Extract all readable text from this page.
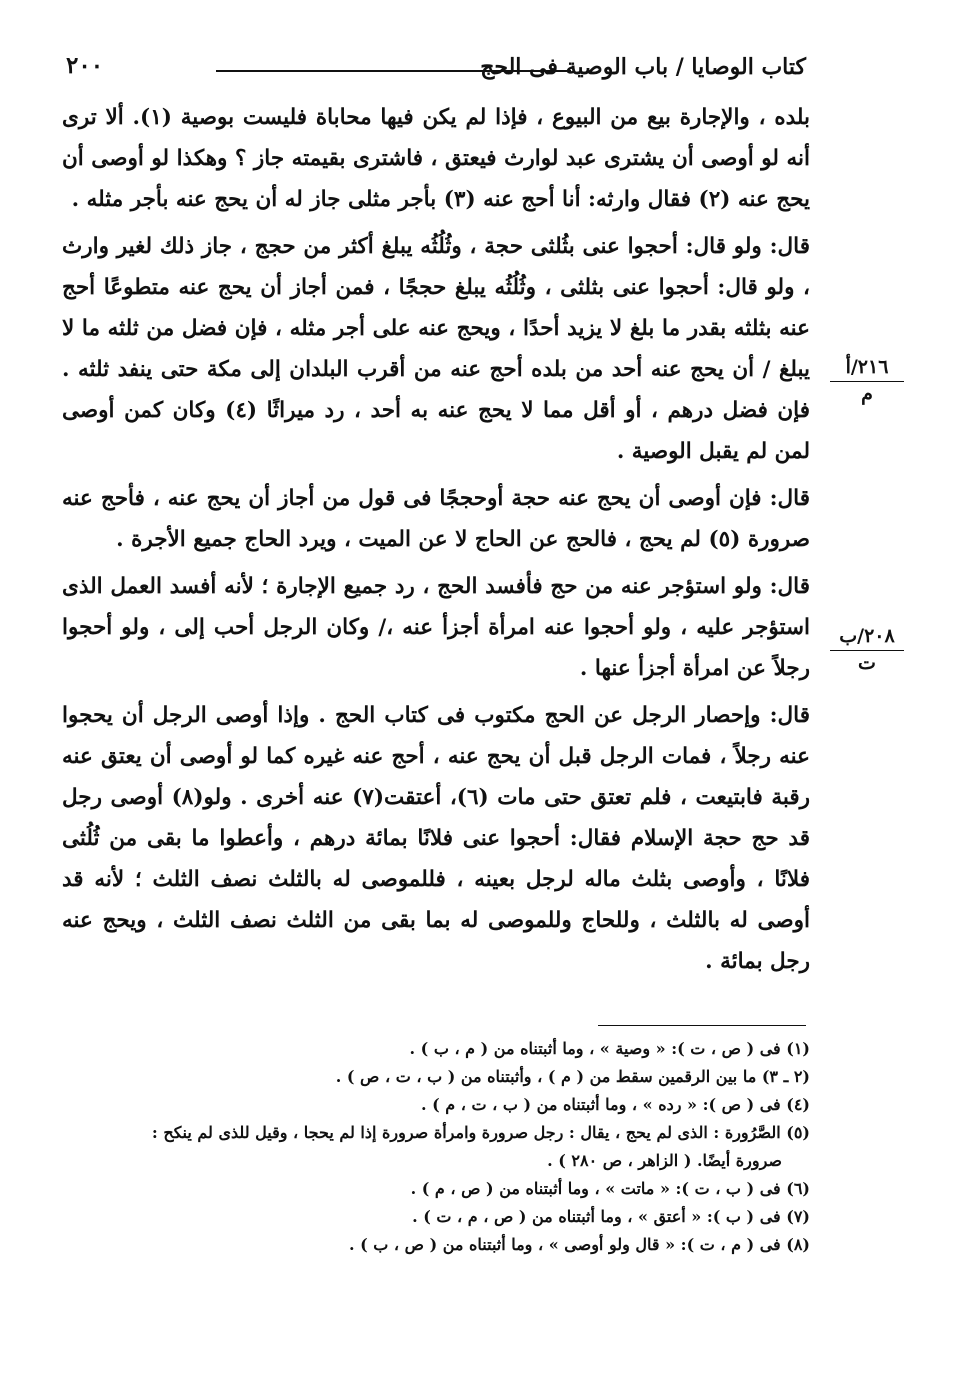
كتاب الوصايا / باب الوصية فى الحج
٢٠٠

بلده ، والإجارة بيع من البيوع ، فإذا لم يكن فيها محاباة فليست بوصية (١). ألا ترى أنه لو أوصى أن يشترى عبد لوارث فيعتق ، فاشترى بقيمته جاز ؟ وهكذا لو أوصى أن يحج عنه (٢) فقال وارثه: أنا أحج عنه (٣) بأجر مثلى جاز له أن يحج عنه بأجر مثله .

قال: ولو قال: أحجوا عنى بثُلثى حجة ، وثُلُثُه يبلغ أكثر من حجج ، جاز ذلك لغير وارث ، ولو قال: أحجوا عنى بثلثى ، وثُلُثُه يبلغ حججًا ، فمن أجاز أن يحج عنه متطوعًا أحج عنه بثلثه بقدر ما بلغ لا يزيد أحدًا ، ويحج عنه على أجر مثله ، فإن فضل من ثلثه ما لا يبلغ / أن يحج عنه أحد من بلده أحج عنه من أقرب البلدان إلى مكة حتى ينفد ثلثه . فإن فضل درهم ، أو أقل مما لا يحج عنه به أحد ، رد ميراثًا (٤) وكان كمن أوصى لمن لم يقبل الوصية .

قال: فإن أوصى أن يحج عنه حجة أوحججًا فى قول من أجاز أن يحج عنه ، فأحج عنه صرورة (٥) لم يحج ، فالحج عن الحاج لا عن الميت ، ويرد الحاج جميع الأجرة .

قال: ولو استؤجر عنه من حج فأفسد الحج ، رد جميع الإجارة ؛ لأنه أفسد العمل الذى استؤجر عليه ، ولو أحجوا عنه امرأة أجزأ عنه ،/ وكان الرجل أحب إلى ، ولو أحجوا رجلاً عن امرأة أجزأ عنها .

قال: وإحصار الرجل عن الحج مكتوب فى كتاب الحج . وإذا أوصى الرجل أن يحجوا عنه رجلاً ، فمات الرجل قبل أن يحج عنه ، أحج عنه غيره كما لو أوصى أن يعتق عنه رقبة فابتيعت ، فلم تعتق حتى مات (٦)، أعتقت(٧) عنه أخرى . ولو(٨) أوصى رجل قد حج حجة الإسلام فقال: أحجوا عنى فلانًا بمائة درهم ، وأعطوا ما بقى من ثُلُثى فلانًا ، وأوصى بثلث ماله لرجل بعينه ، فللموصى له بالثلث نصف الثلث ؛ لأنه قد أوصى له بالثلث ، وللحاج وللموصى له بما بقى من الثلث نصف الثلث ، ويحج عنه رجل بمائة .

٢١٦/أ
م
٢٠٨/ب
ت
(١) فى ( ص ، ت ): « وصية » ، وما أثبتناه من ( م ، ب ) .
(٢ ـ ٣) ما بين الرقمين سقط من ( م ) ، وأثبتناه من ( ب ، ت ، ص ) .
(٤) فى ( ص ): « رده » ، وما أثبتناه من ( ب ، ت ، م ) .
(٥) الصَّرُورة : الذى لم يحج ، يقال : رجل صرورة وامرأة صرورة إذا لم يحجا ، وقيل للذى لم ينكح :
صرورة أيضًا. ( الزاهر ، ص ٢٨٠ ) .
(٦) فى ( ب ، ت ): « ماتت » ، وما أثبتناه من ( ص ، م ) .
(٧) فى ( ب ): « أعتق » ، وما أثبتناه من ( ص ، م ، ت ) .
(٨) فى ( م ، ت ): « قال ولو أوصى » ، وما أثبتناه من ( ص ، ب ) .
